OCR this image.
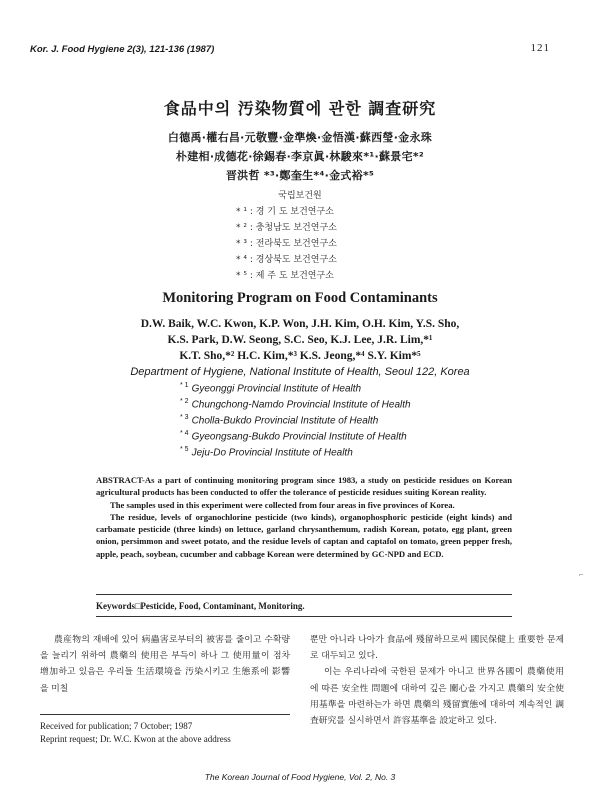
Kor. J. Food Hygiene 2(3), 121-136 (1987)	121
食品中의 汚染物質에 관한 調査研究
白德禹·權右昌·元敬豐·金準煥·金悟漢·蘇西瑩·金永珠
朴建相·成德花·徐錫春·李京眞·林駿來*¹·蘇景宅*²
晋洪哲 *³·鄭奎生*⁴·金式裕*⁵
국립보건원
* ¹ : 경 기 도 보건연구소
* ² : 충청남도 보건연구소
* ³ : 전라북도 보건연구소
* ⁴ : 경상북도 보건연구소
* ⁵ : 제 주 도 보건연구소
Monitoring Program on Food Contaminants
D.W. Baik, W.C. Kwon, K.P. Won, J.H. Kim, O.H. Kim, Y.S. Sho,
K.S. Park, D.W. Seong, S.C. Seo, K.J. Lee, J.R. Lim,*¹
K.T. Sho,*² H.C. Kim,*³ K.S. Jeong,*⁴ S.Y. Kim*⁵
Department of Hygiene, National Institute of Health, Seoul 122, Korea
$^{* 1}$ Gyeonggi Provincial Institute of Health
$^{* 2}$ Chungchong-Namdo Provincial Institute of Health
$^{* 3}$ Cholla-Bukdo Provincial Institute of Health
$^{* 4}$ Gyeongsang-Bukdo Provincial Institute of Health
$^{* 5}$ Jeju-Do Provincial Institute of Health

ABSTRACT-As a part of continuing monitoring program since 1983, a study on pesticide residues on Korean agricultural products has been conducted to offer the tolerance of pesticide residues suiting Korean reality.

The samples used in this experiment were collected from four areas in five provinces of Korea.

The residue, levels of organochlorine pesticide (two kinds), organophosphoric pesticide (eight kinds) and carbamate pesticide (three kinds) on lettuce, garland chrysanthemum, radish Korean, potato, egg plant, green onion, persimmon and sweet potato, and the residue levels of captan and captafol on tomato, green pepper fresh, apple, peach, soybean, cucumber and cabbage Korean were determined by GC-NPD and ECD.

⌐
Keywords□Pesticide, Food, Contaminant, Monitoring.

農産物의 재배에 있어 病蟲害로부터의 被害를 줄이고 수확량을 늘리기 위하여 農藥의 使用은 부득이 하나 그 使用量이 점차 增加하고 있음은 우리들 生活環境을 汚染시키고 生態系에 影響을 미칠

뿐만 아니라 나아가 食品에 殘留하므로써 國民保健上 重要한 문제로 대두되고 있다.

이는 우리나라에 국한된 문제가 아니고 世界各國이 農藥使用에 따른 安全性 問題에 대하여 깊은 關心을 가지고 農藥의 安全使用基準을 마련하는가 하면 農藥의 殘留實態에 대하여 계속적인 調査研究를 실시하면서 許容基準을 設定하고 있다.

Received for publication; 7 October; 1987
Reprint request; Dr. W.C. Kwon at the above address
The Korean Journal of Food Hygiene, Vol. 2, No. 3
